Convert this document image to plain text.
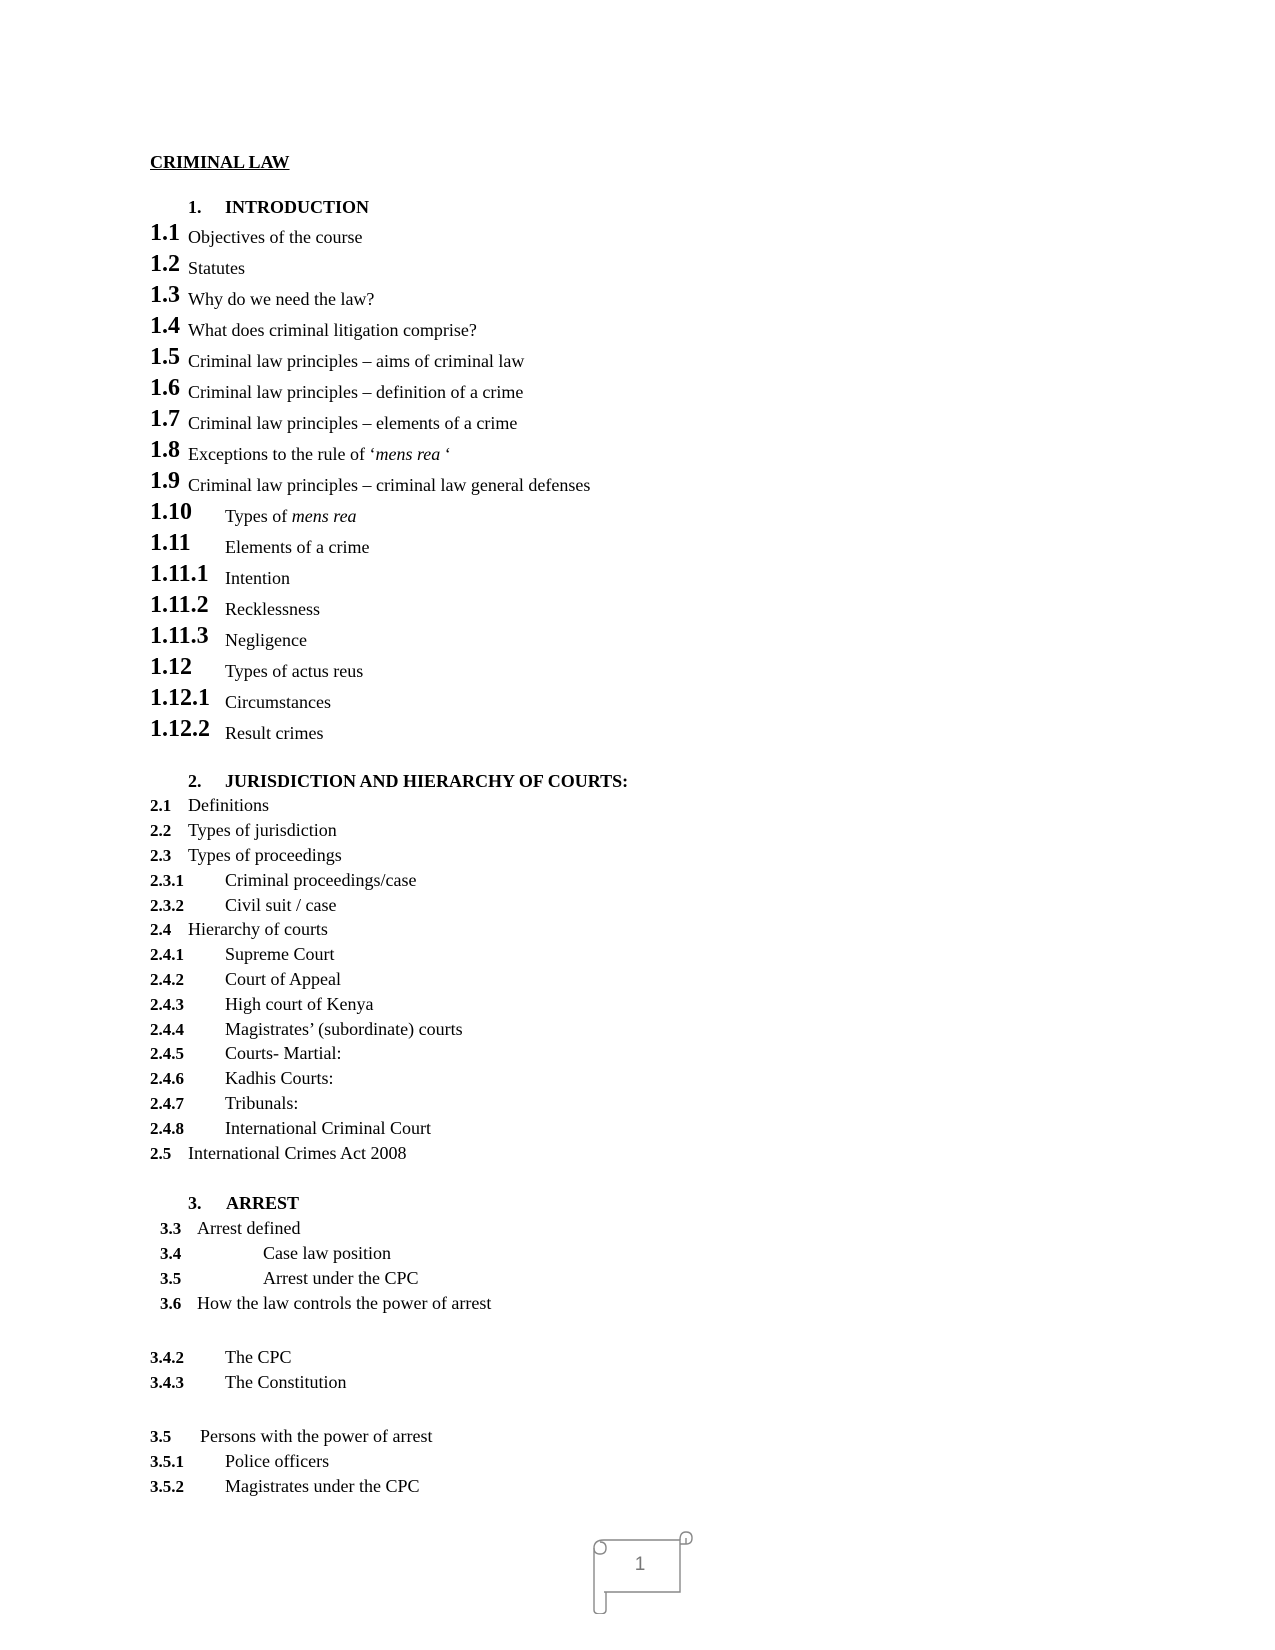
CRIMINAL LAW
1. INTRODUCTION
1.1 Objectives of the course
1.2 Statutes
1.3 Why do we need the law?
1.4 What does criminal litigation comprise?
1.5 Criminal law principles – aims of criminal law
1.6 Criminal law principles – definition of a crime
1.7 Criminal law principles – elements of a crime
1.8 Exceptions to the rule of ‘mens rea ‘
1.9 Criminal law principles – criminal law general defenses
1.10 Types of mens rea
1.11 Elements of a crime
1.11.1 Intention
1.11.2 Recklessness
1.11.3 Negligence
1.12 Types of actus reus
1.12.1 Circumstances
1.12.2 Result crimes
2. JURISDICTION AND HIERARCHY OF COURTS:
2.1 Definitions
2.2 Types of jurisdiction
2.3 Types of proceedings
2.3.1 Criminal proceedings/case
2.3.2 Civil suit / case
2.4 Hierarchy of courts
2.4.1 Supreme Court
2.4.2 Court of Appeal
2.4.3 High court of Kenya
2.4.4 Magistrates’ (subordinate) courts
2.4.5 Courts- Martial:
2.4.6 Kadhis Courts:
2.4.7 Tribunals:
2.4.8 International Criminal Court
2.5 International Crimes Act 2008
3. ARREST
3.3 Arrest defined
3.4	Case law position
3.5	Arrest under the CPC
3.6 How the law controls the power of arrest
3.4.2 The CPC
3.4.3 The Constitution
3.5 Persons with the power of arrest
3.5.1 Police officers
3.5.2 Magistrates under the CPC
1
